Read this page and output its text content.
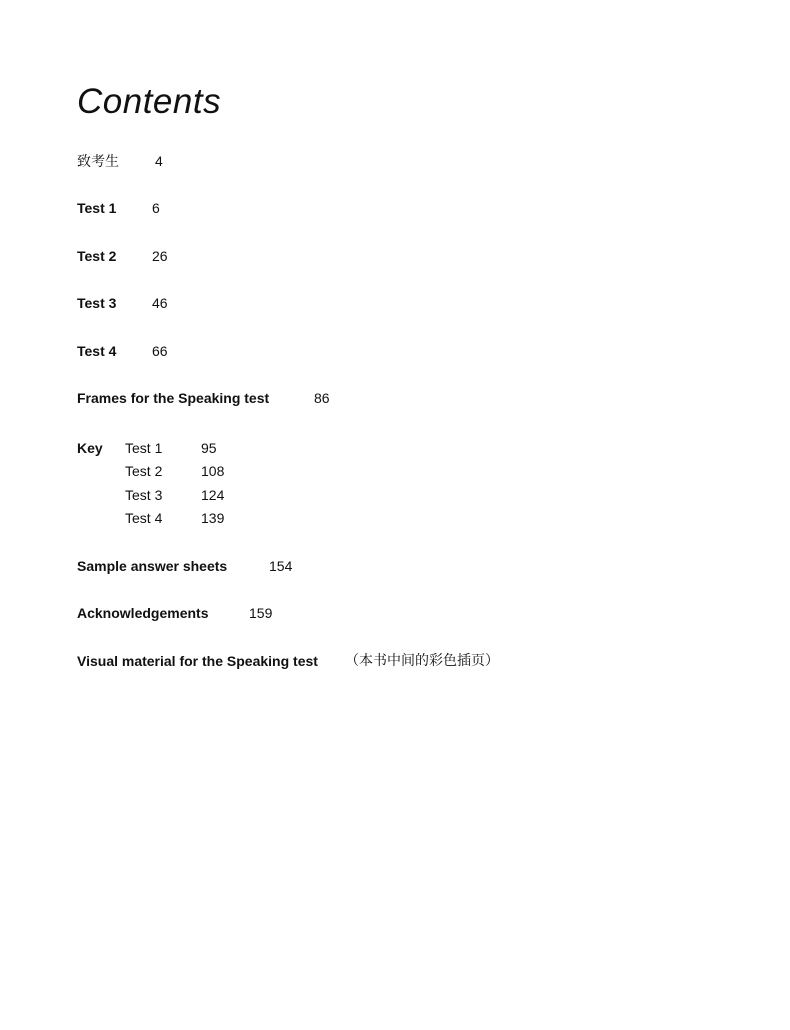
Contents
致考生	4
Test 1	6
Test 2	26
Test 3	46
Test 4	66
Frames for the Speaking test	86
Key Test 1	95
Test 2	108
Test 3	124
Test 4	139
Sample answer sheets	154
Acknowledgements	159
Visual material for the Speaking test （本书中间的彩色插页）
